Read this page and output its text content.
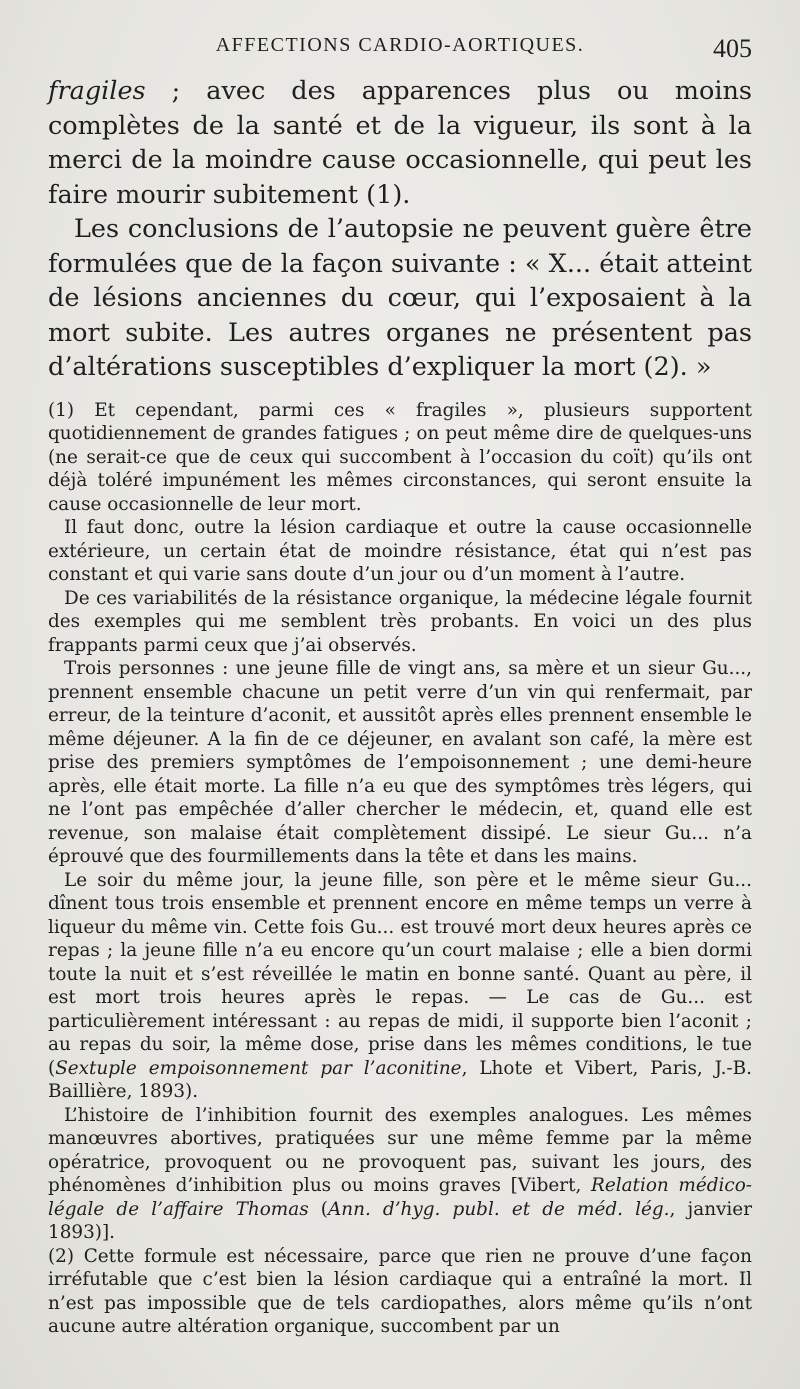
AFFECTIONS CARDIO-AORTIQUES.	405

fragiles ; avec des apparences plus ou moins complètes de la santé et de la vigueur, ils sont à la merci de la moindre cause occasionnelle, qui peut les faire mourir subitement (1).

Les conclusions de l’autopsie ne peuvent guère être formulées que de la façon suivante : « X... était atteint de lésions anciennes du cœur, qui l’exposaient à la mort subite. Les autres organes ne présentent pas d’altérations susceptibles d’expliquer la mort (2). »

(1) Et cependant, parmi ces « fragiles », plusieurs supportent quotidiennement de grandes fatigues ; on peut même dire de quelques-uns (ne serait-ce que de ceux qui succombent à l’occasion du coït) qu’ils ont déjà toléré impunément les mêmes circonstances, qui seront ensuite la cause occasionnelle de leur mort.

Il faut donc, outre la lésion cardiaque et outre la cause occasionnelle extérieure, un certain état de moindre résistance, état qui n’est pas constant et qui varie sans doute d’un jour ou d’un moment à l’autre.

De ces variabilités de la résistance organique, la médecine légale fournit des exemples qui me semblent très probants. En voici un des plus frappants parmi ceux que j’ai observés.

Trois personnes : une jeune fille de vingt ans, sa mère et un sieur Gu..., prennent ensemble chacune un petit verre d’un vin qui renfermait, par erreur, de la teinture d’aconit, et aussitôt après elles prennent ensemble le même déjeuner. A la fin de ce déjeuner, en avalant son café, la mère est prise des premiers symptômes de l’empoisonnement ; une demi-heure après, elle était morte. La fille n’a eu que des symptômes très légers, qui ne l’ont pas empêchée d’aller chercher le médecin, et, quand elle est revenue, son malaise était complètement dissipé. Le sieur Gu... n’a éprouvé que des fourmillements dans la tête et dans les mains.

Le soir du même jour, la jeune fille, son père et le même sieur Gu... dînent tous trois ensemble et prennent encore en même temps un verre à liqueur du même vin. Cette fois Gu... est trouvé mort deux heures après ce repas ; la jeune fille n’a eu encore qu’un court malaise ; elle a bien dormi toute la nuit et s’est réveillée le matin en bonne santé. Quant au père, il est mort trois heures après le repas. — Le cas de Gu... est particulièrement intéressant : au repas de midi, il supporte bien l’aconit ; au repas du soir, la même dose, prise dans les mêmes conditions, le tue (Sextuple empoisonnement par l’aconitine, Lhote et Vibert, Paris, J.-B. Baillière, 1893).

L’histoire de l’inhibition fournit des exemples analogues. Les mêmes manœuvres abortives, pratiquées sur une même femme par la même opératrice, provoquent ou ne provoquent pas, suivant les jours, des phénomènes d’inhibition plus ou moins graves [Vibert, Relation médico-légale de l’affaire Thomas (Ann. d’hyg. publ. et de méd. lég., janvier 1893)].

(2) Cette formule est nécessaire, parce que rien ne prouve d’une façon irréfutable que c’est bien la lésion cardiaque qui a entraîné la mort. Il n’est pas impossible que de tels cardiopathes, alors même qu’ils n’ont aucune autre altération organique, succombent par un
